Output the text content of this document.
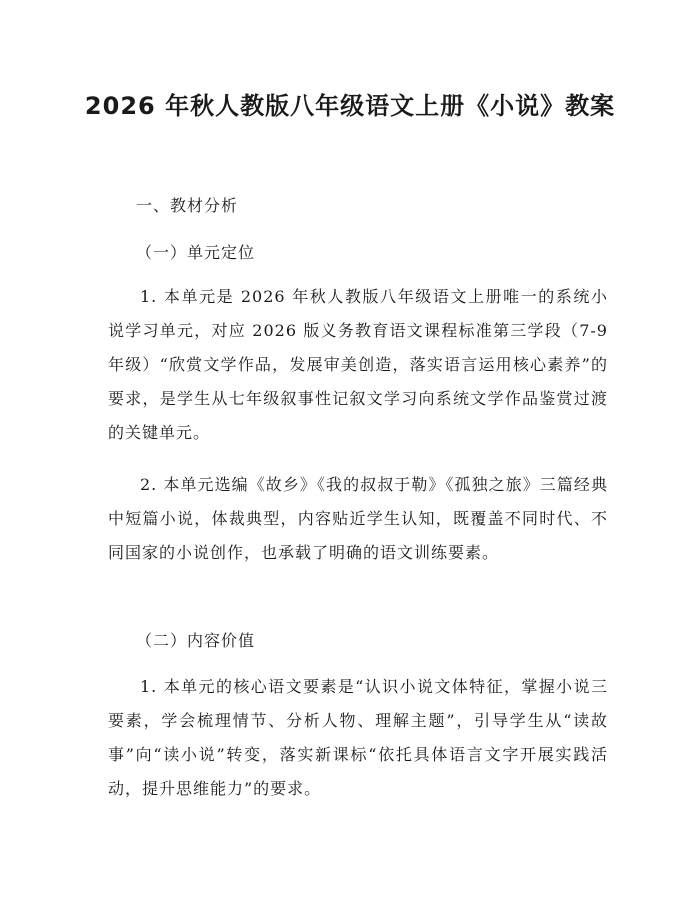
2026 年秋人教版八年级语文上册《小说》教案

一、教材分析

（一）单元定位

1. 本单元是 2026 年秋人教版八年级语文上册唯一的系统小说学习单元，对应 2026 版义务教育语文课程标准第三学段（7-9 年级）“欣赏文学作品，发展审美创造，落实语言运用核心素养”的要求，是学生从七年级叙事性记叙文学习向系统文学作品鉴赏过渡的关键单元。

2. 本单元选编《故乡》《我的叔叔于勒》《孤独之旅》三篇经典中短篇小说，体裁典型，内容贴近学生认知，既覆盖不同时代、不同国家的小说创作，也承载了明确的语文训练要素。

（二）内容价值

1. 本单元的核心语文要素是“认识小说文体特征，掌握小说三要素，学会梳理情节、分析人物、理解主题”，引导学生从“读故事”向“读小说”转变，落实新课标“依托具体语言文字开展实践活动，提升思维能力”的要求。
